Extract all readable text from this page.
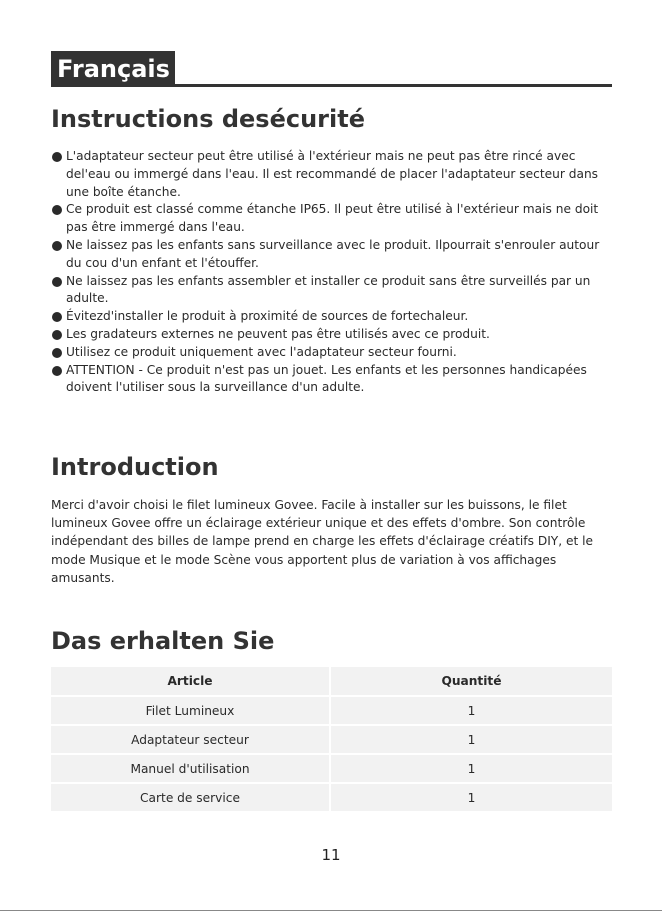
Français
Instructions desécurité
L'adaptateur secteur peut être utilisé à l'extérieur mais ne peut pas être rincé avec del'eau ou immergé dans l'eau. Il est recommandé de placer l'adaptateur secteur dans une boîte étanche.
Ce produit est classé comme étanche IP65. Il peut être utilisé à l'extérieur mais ne doit pas être immergé dans l'eau.
Ne laissez pas les enfants sans surveillance avec le produit. Ilpourrait s'enrouler autour du cou d'un enfant et l'étouffer.
Ne laissez pas les enfants assembler et installer ce produit sans être surveillés par un adulte.
Évitezd'installer le produit à proximité de sources de fortechaleur.
Les gradateurs externes ne peuvent pas être utilisés avec ce produit.
Utilisez ce produit uniquement avec l'adaptateur secteur fourni.
ATTENTION - Ce produit n'est pas un jouet. Les enfants et les personnes handicapées doivent l'utiliser sous la surveillance d'un adulte.
Introduction

Merci d'avoir choisi le filet lumineux Govee. Facile à installer sur les buissons, le filet lumineux Govee offre un éclairage extérieur unique et des effets d'ombre. Son contrôle indépendant des billes de lampe prend en charge les effets d'éclairage créatifs DIY, et le mode Musique et le mode Scène vous apportent plus de variation à vos affichages amusants.

Das erhalten Sie
Article	Quantité
Filet Lumineux	1
Adaptateur secteur	1
Manuel d'utilisation	1
Carte de service	1
11
